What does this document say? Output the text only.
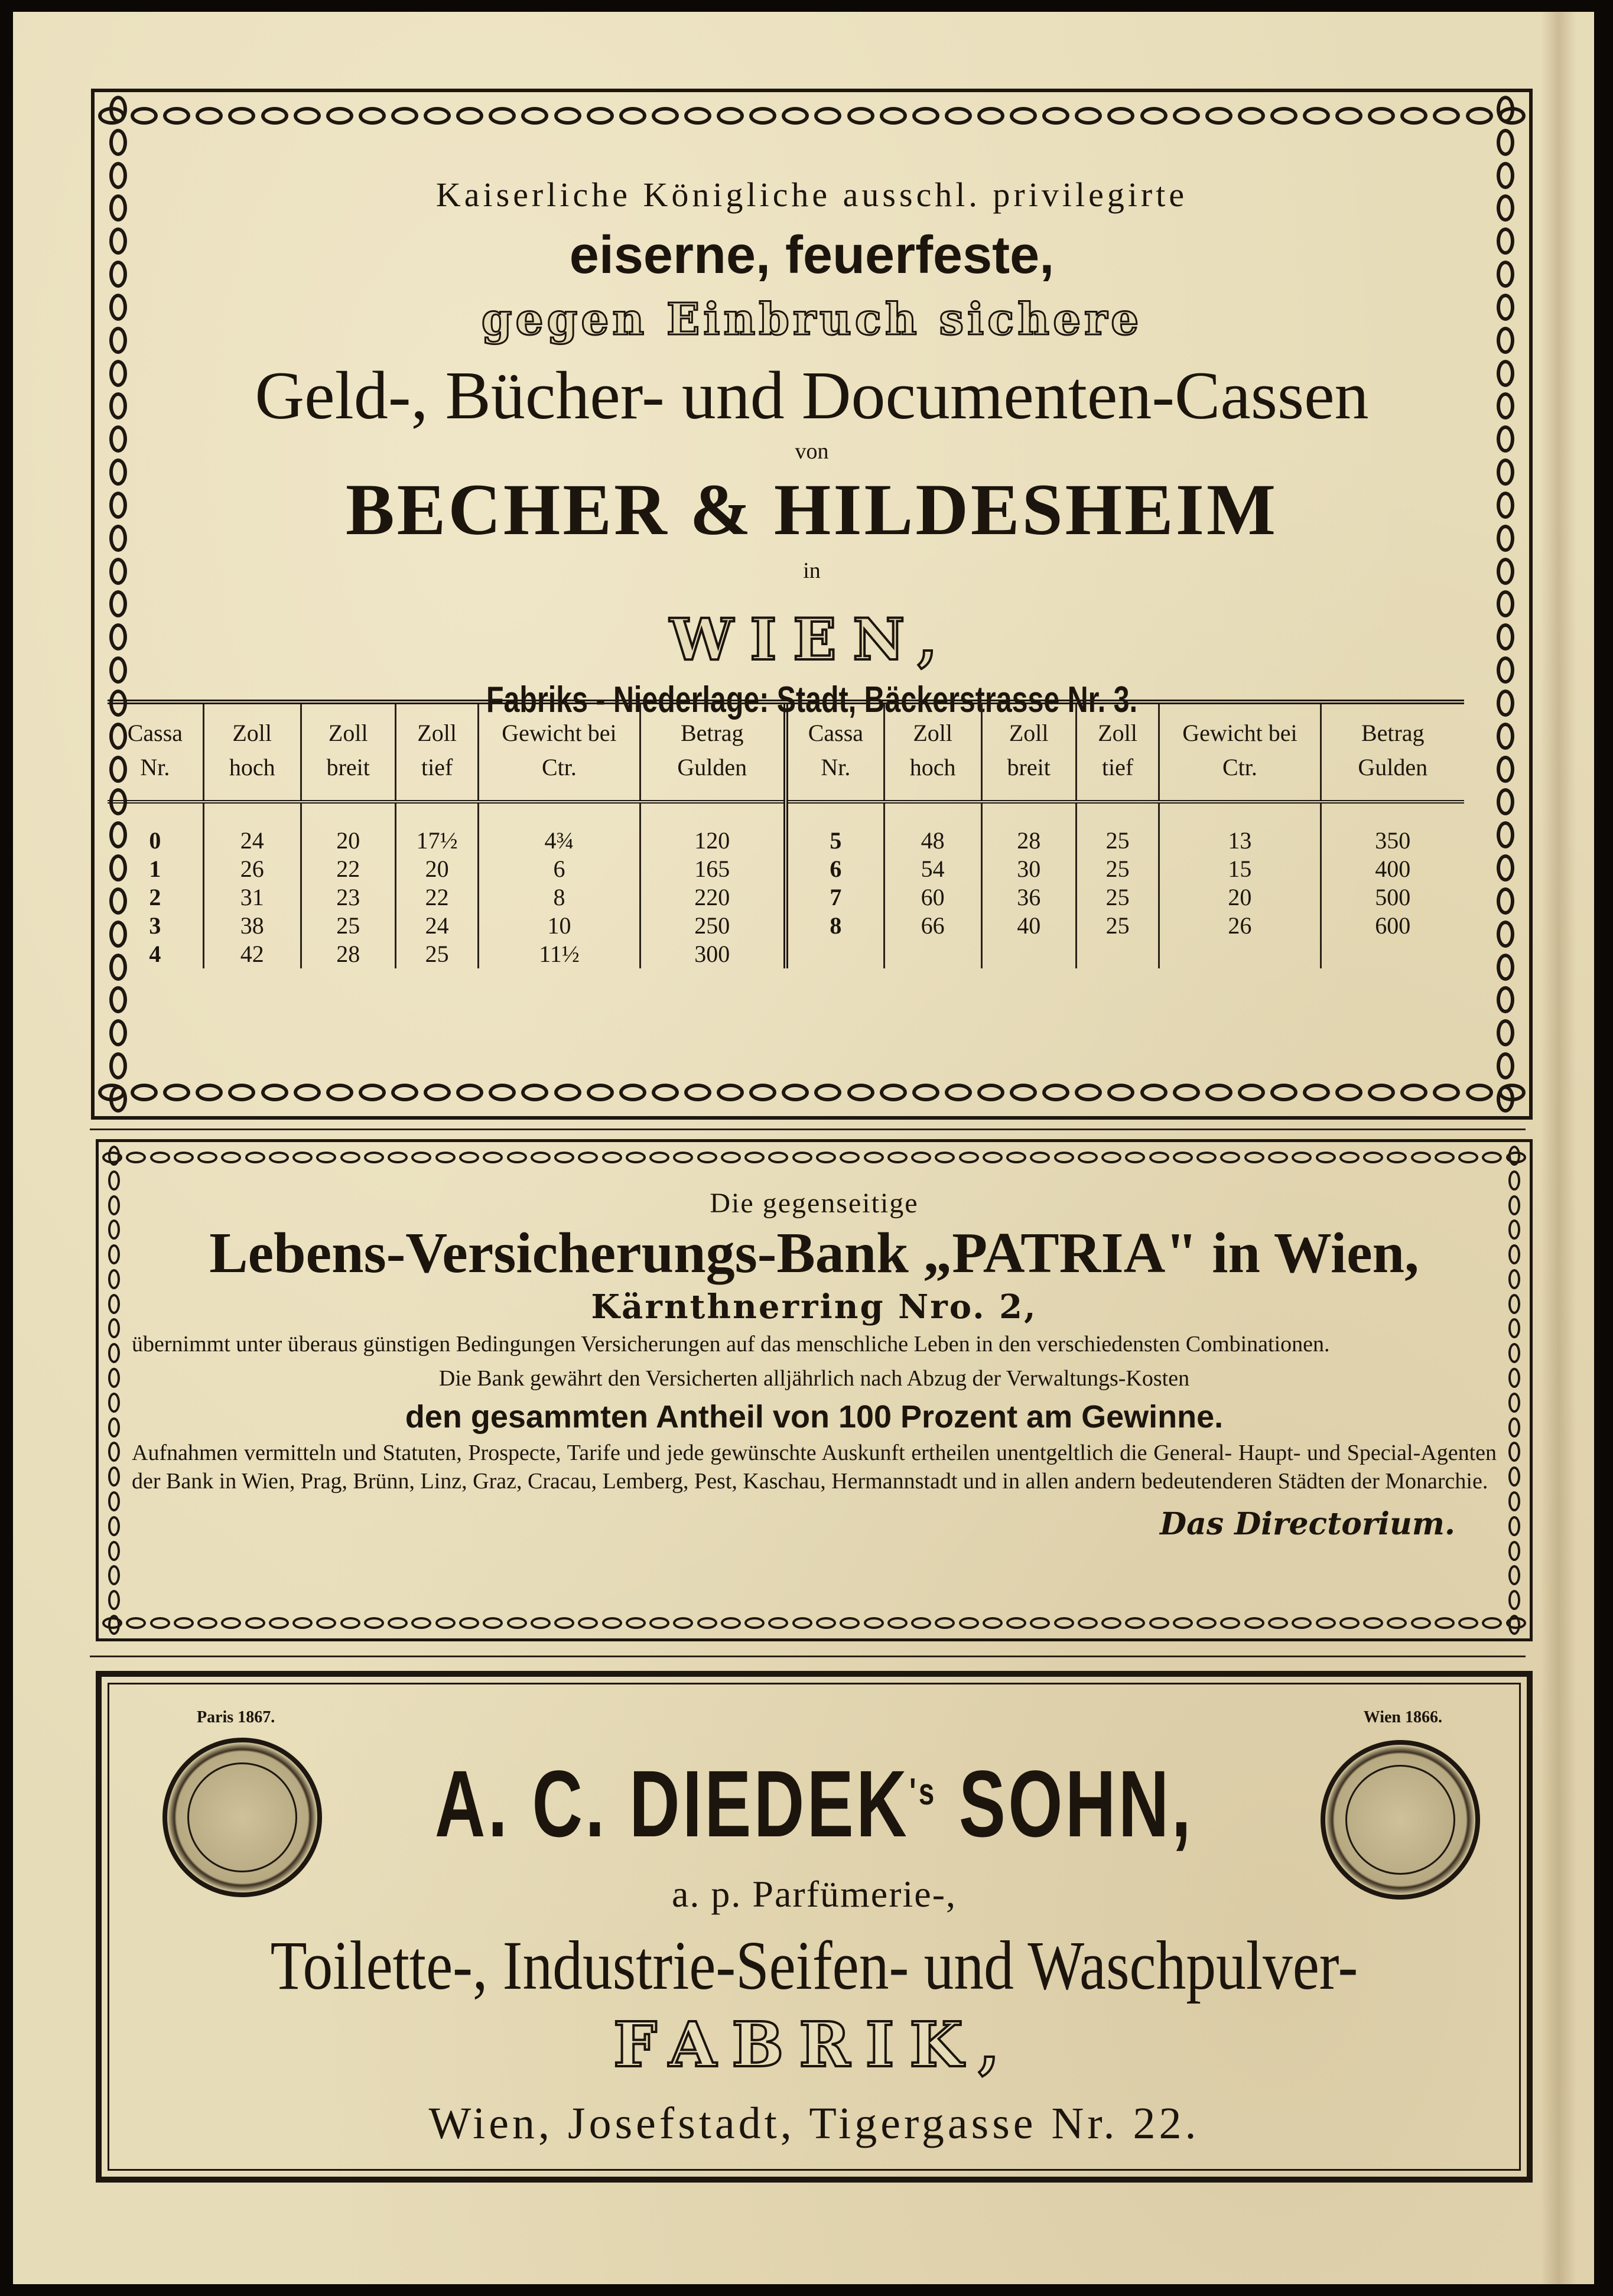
Kaiserliche Königliche ausschl. privilegirte
eiserne, feuerfeste,
gegen Einbruch sichere
Geld-, Bücher- und Documenten-Cassen
von
BECHER & HILDESHEIM
in
WIEN,
Fabriks - Niederlage: Stadt, Bäckerstrasse Nr. 3.
Cassa Nr.	Zoll hoch	Zoll breit	Zoll tief	Gewicht bei Ctr.	Betrag Gulden	Cassa Nr.	Zoll hoch	Zoll breit	Zoll tief	Gewicht bei Ctr.	Betrag Gulden
0	24	20	17½	4¾	120	5	48	28	25	13	350
1	26	22	20	6	165	6	54	30	25	15	400
2	31	23	22	8	220	7	60	36	25	20	500
3	38	25	24	10	250	8	66	40	25	26	600
4	42	28	25	11½	300						
Die gegenseitige
Lebens-Versicherungs-Bank „PATRIA" in Wien,
Kärnthnerring Nro. 2,
übernimmt unter überaus günstigen Bedingungen Versicherungen auf das menschliche Leben in den verschiedensten Combinationen.
Die Bank gewährt den Versicherten alljährlich nach Abzug der Verwaltungs-Kosten
den gesammten Antheil von 100 Prozent am Gewinne.
Aufnahmen vermitteln und Statuten, Prospecte, Tarife und jede gewünschte Auskunft ertheilen unentgeltlich die General- Haupt- und Special-Agenten der Bank in Wien, Prag, Brünn, Linz, Graz, Cracau, Lemberg, Pest, Kaschau, Hermannstadt und in allen andern bedeutenderen Städten der Monarchie.
Das Directorium.
Paris 1867.	Wien 1866.
A. C. $DIEDEK^{'s}$ SOHN,
a. p. Parfümerie-,
Toilette-, Industrie-Seifen- und Waschpulver-
FABRIK,
Wien, Josefstadt, Tigergasse Nr. 22.
